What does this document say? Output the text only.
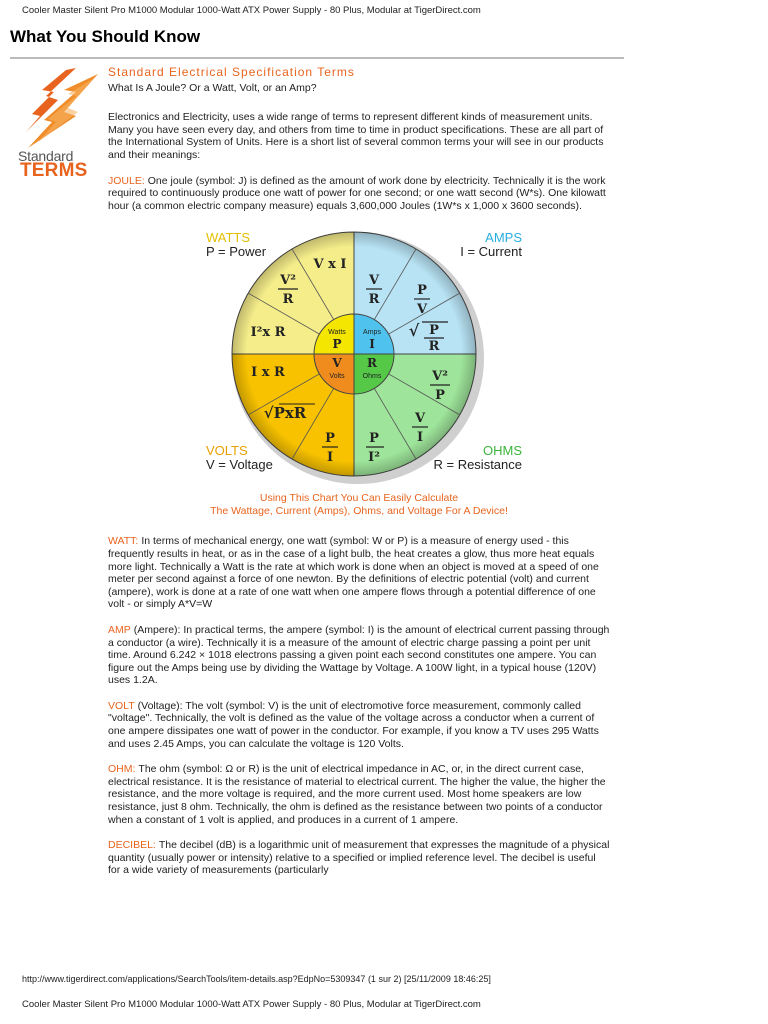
Cooler Master Silent Pro M1000 Modular 1000-Watt ATX Power Supply - 80 Plus, Modular at TigerDirect.com
What You Should Know
Standard
TERMS
Standard Electrical Specification Terms
What Is A Joule? Or a Watt, Volt, or an Amp?

Electronics and Electricity, uses a wide range of terms to represent different kinds of measurement units. Many you have seen every day, and others from time to time in product specifications. These are all part of the International System of Units. Here is a short list of several common terms your will see in our products and their meanings:

JOULE: One joule (symbol: J) is defined as the amount of work done by electricity. Technically it is the work required to continuously produce one watt of power for one second; or one watt second (W*s). One kilowatt hour (a common electric company measure) equals 3,600,000 Joules (1W*s x 1,000 x 3600 seconds).

Watts
P
Amps
I
V
Volts
R
Ohms
V x I
V²
R
I²x R
V
R
P
V
√ P
R
I x R
√PxR
P
I
P
I²
V
I
V²
P
WATTS
P = Power
AMPS
I = Current
VOLTS
V = Voltage
OHMS
R = Resistance
Using This Chart You Can Easily Calculate
The Wattage, Current (Amps), Ohms, and Voltage For A Device!

WATT: In terms of mechanical energy, one watt (symbol: W or P) is a measure of energy used - this frequently results in heat, or as in the case of a light bulb, the heat creates a glow, thus more heat equals more light. Technically a Watt is the rate at which work is done when an object is moved at a speed of one meter per second against a force of one newton. By the definitions of electric potential (volt) and current (ampere), work is done at a rate of one watt when one ampere flows through a potential difference of one volt - or simply A*V=W

AMP (Ampere): In practical terms, the ampere (symbol: I) is the amount of electrical current passing through a conductor (a wire). Technically it is a measure of the amount of electric charge passing a point per unit time. Around 6.242 × 1018 electrons passing a given point each second constitutes one ampere. You can figure out the Amps being use by dividing the Wattage by Voltage. A 100W light, in a typical house (120V) uses 1.2A.

VOLT (Voltage): The volt (symbol: V) is the unit of electromotive force measurement, commonly called "voltage". Technically, the volt is defined as the value of the voltage across a conductor when a current of one ampere dissipates one watt of power in the conductor. For example, if you know a TV uses 295 Watts and uses 2.45 Amps, you can calculate the voltage is 120 Volts.

OHM: The ohm (symbol: Ω or R) is the unit of electrical impedance in AC, or, in the direct current case, electrical resistance. It is the resistance of material to electrical current. The higher the value, the higher the resistance, and the more voltage is required, and the more current used. Most home speakers are low resistance, just 8 ohm. Technically, the ohm is defined as the resistance between two points of a conductor when a constant of 1 volt is applied, and produces in a current of 1 ampere.

DECIBEL: The decibel (dB) is a logarithmic unit of measurement that expresses the magnitude of a physical quantity (usually power or intensity) relative to a specified or implied reference level. The decibel is useful for a wide variety of measurements (particularly

http://www.tigerdirect.com/applications/SearchTools/item-details.asp?EdpNo=5309347 (1 sur 2) [25/11/2009 18:46:25]
Cooler Master Silent Pro M1000 Modular 1000-Watt ATX Power Supply - 80 Plus, Modular at TigerDirect.com
